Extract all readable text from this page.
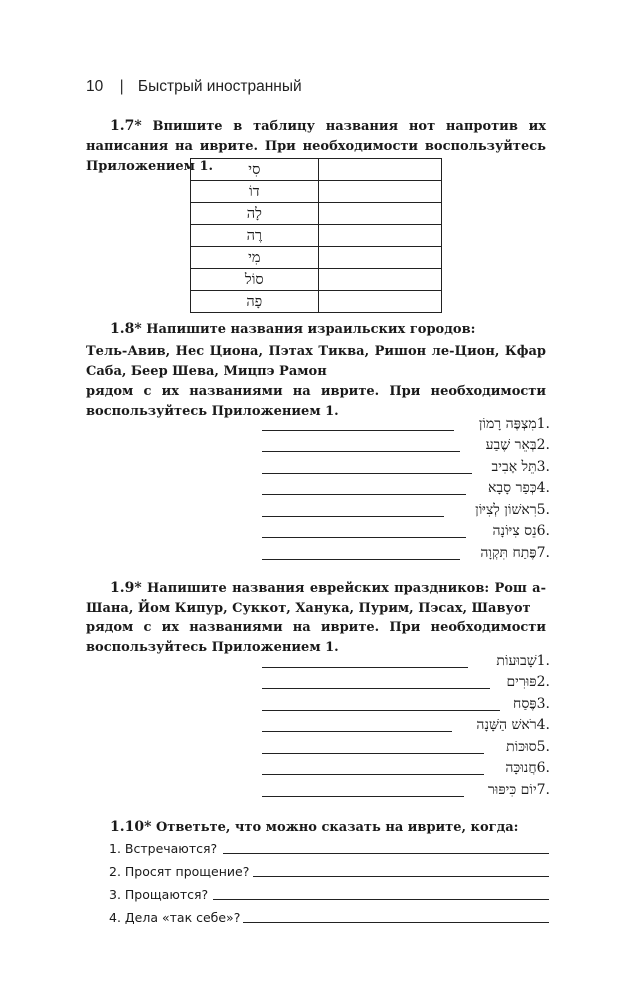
10 | Быстрый иностранный
1.7* Впишите в таблицу названия нот напротив их написания на иврите. При необходимости воспользуйтесь Приложением 1.	סִי	
דוֹ	
לָה	
רֶה	
מִי	
סוֹל	
פָה	
1.8* Напишите названия израильских городов:
Тель-Авив, Нес Циона, Пэтах Тиква, Ришон ле-Цион, Кфар Саба, Беер Шева, Мицпэ Рамон
рядом с их названиями на иврите. При необходимости воспользуйтесь Приложением 1.
מִצְפֶּה רָמוֹן1.
בְּאֵר שֶׁבַע2.
תֵּל אָבִיב3.
כְּפַר סָבָא4.
רִאשׁוֹן לְצִיּוֹן5.
נֵס צִיּוֹנָה6.
פֶּתַח תִּקְוָה7.
1.9* Напишите названия еврейских праздников: Рош а-Шана, Йом Кипур, Суккот, Ханука, Пурим, Пэсах, Шавуот
рядом с их названиями на иврите. При необходимости воспользуйтесь Приложением 1.
שָׁבוּעוֹת1.
פּוּרִים2.
פֶּסַח3.
רֹאשׁ הַשָּׁנָה4.
סוּכּוֹת5.
חֲנוּכָּה6.
יוֹם כִּיפּוּר7.
1.10* Ответьте, что можно сказать на иврите, когда:
1. Встречаются?
2. Просят прощение?
3. Прощаются?
4. Дела «так себе»?
